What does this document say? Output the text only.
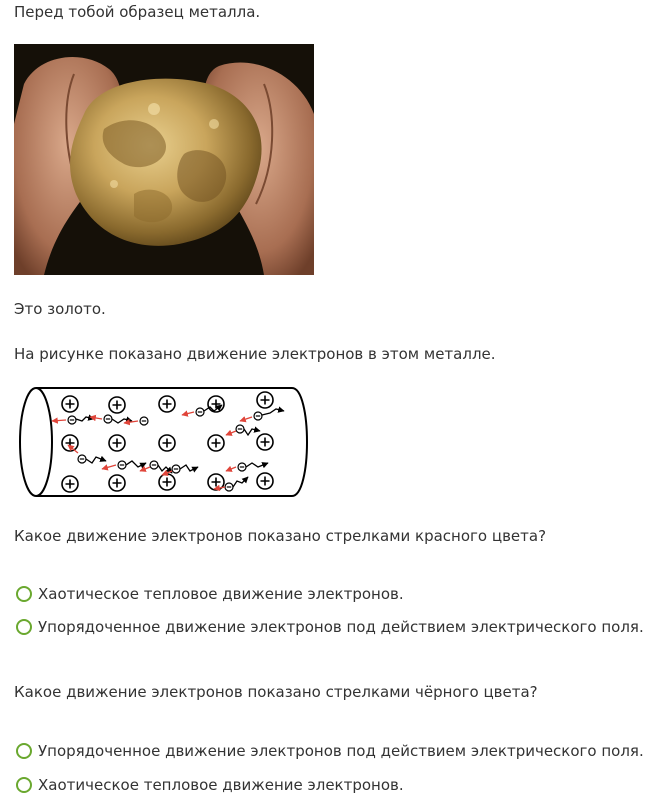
Перед тобой образец металла.
Это золото.
На рисунке показано движение электронов в этом металле.
Какое движение электронов показано стрелками красного цвета?
Хаотическое тепловое движение электронов.
Упорядоченное движение электронов под действием электрического поля.
Какое движение электронов показано стрелками чёрного цвета?
Упорядоченное движение электронов под действием электрического поля.
Хаотическое тепловое движение электронов.
